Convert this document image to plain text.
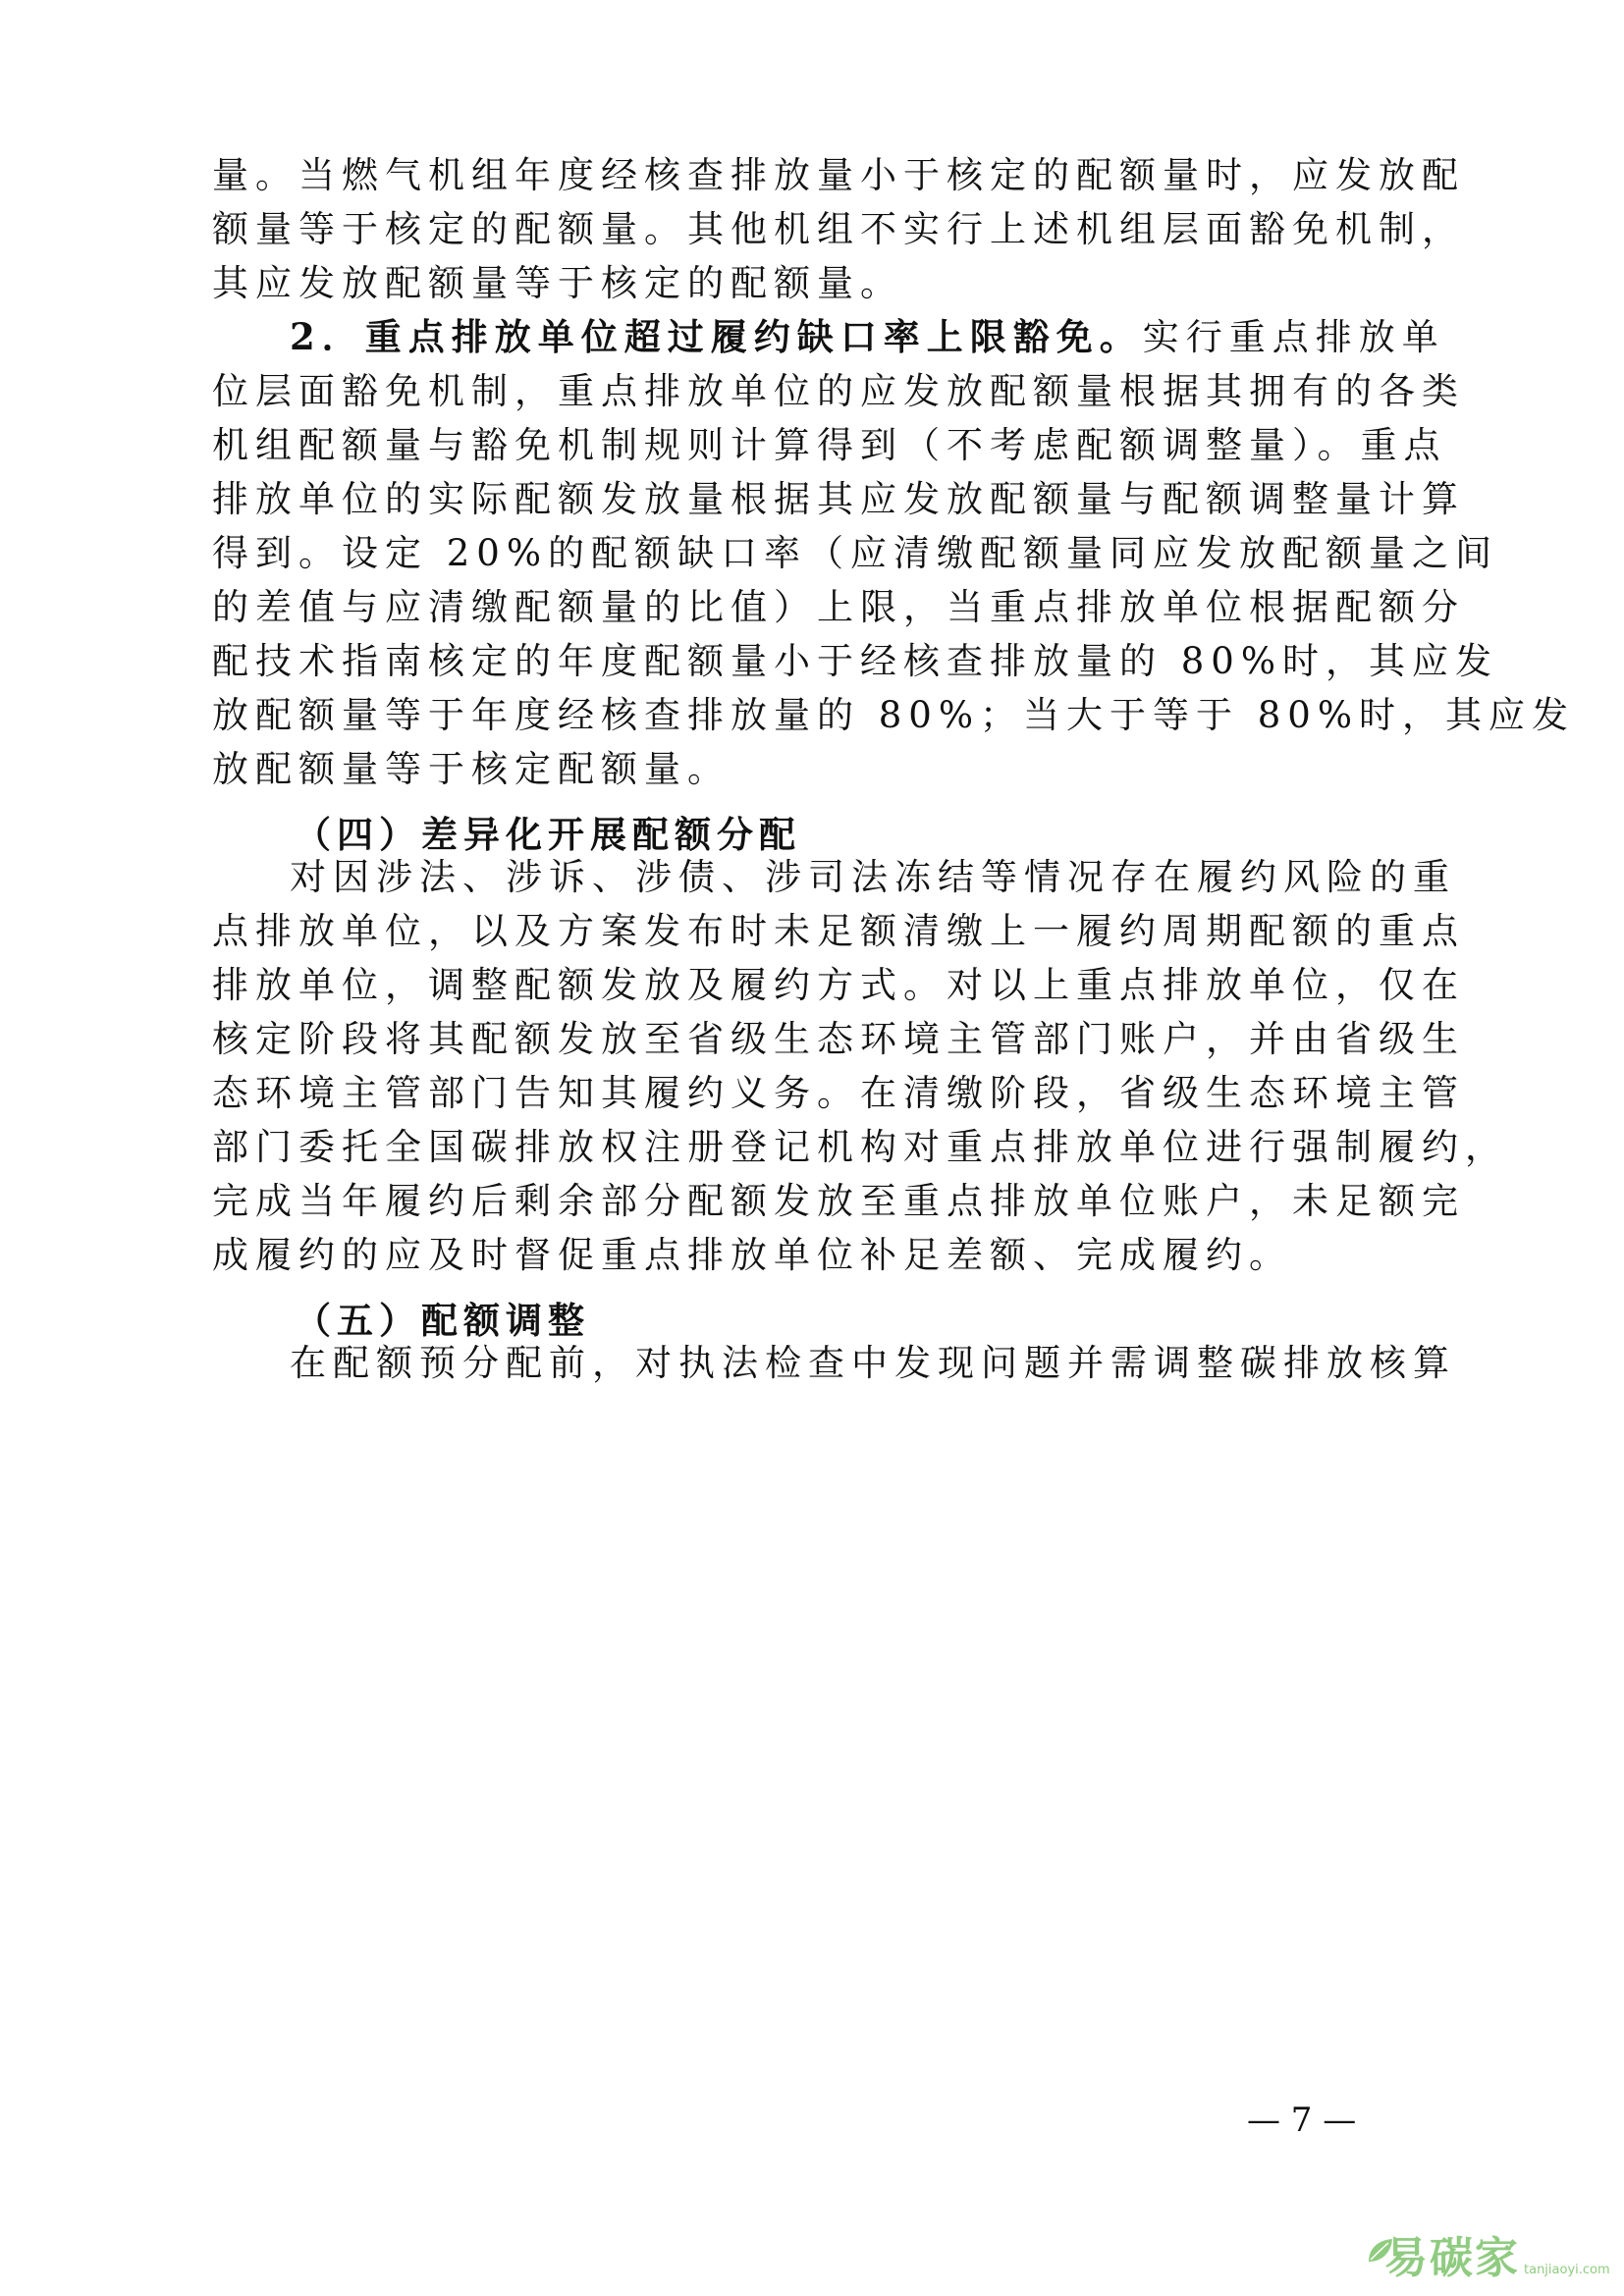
量。当燃气机组年度经核查排放量小于核定的配额量时，应发放配
额量等于核定的配额量。其他机组不实行上述机组层面豁免机制，
其应发放配额量等于核定的配额量。
2．重点排放单位超过履约缺口率上限豁免。实行重点排放单
位层面豁免机制，重点排放单位的应发放配额量根据其拥有的各类
机组配额量与豁免机制规则计算得到（不考虑配额调整量）。重点
排放单位的实际配额发放量根据其应发放配额量与配额调整量计算
得到。设定 20%的配额缺口率（应清缴配额量同应发放配额量之间
的差值与应清缴配额量的比值）上限，当重点排放单位根据配额分
配技术指南核定的年度配额量小于经核查排放量的 80%时，其应发
放配额量等于年度经核查排放量的 80%；当大于等于 80%时，其应发
放配额量等于核定配额量。
（四）差异化开展配额分配
对因涉法、涉诉、涉债、涉司法冻结等情况存在履约风险的重
点排放单位，以及方案发布时未足额清缴上一履约周期配额的重点
排放单位，调整配额发放及履约方式。对以上重点排放单位，仅在
核定阶段将其配额发放至省级生态环境主管部门账户，并由省级生
态环境主管部门告知其履约义务。在清缴阶段，省级生态环境主管
部门委托全国碳排放权注册登记机构对重点排放单位进行强制履约，
完成当年履约后剩余部分配额发放至重点排放单位账户，未足额完
成履约的应及时督促重点排放单位补足差额、完成履约。
（五）配额调整
在配额预分配前，对执法检查中发现问题并需调整碳排放核算
— 7 —
易碳家 tanjiaoyi.com
